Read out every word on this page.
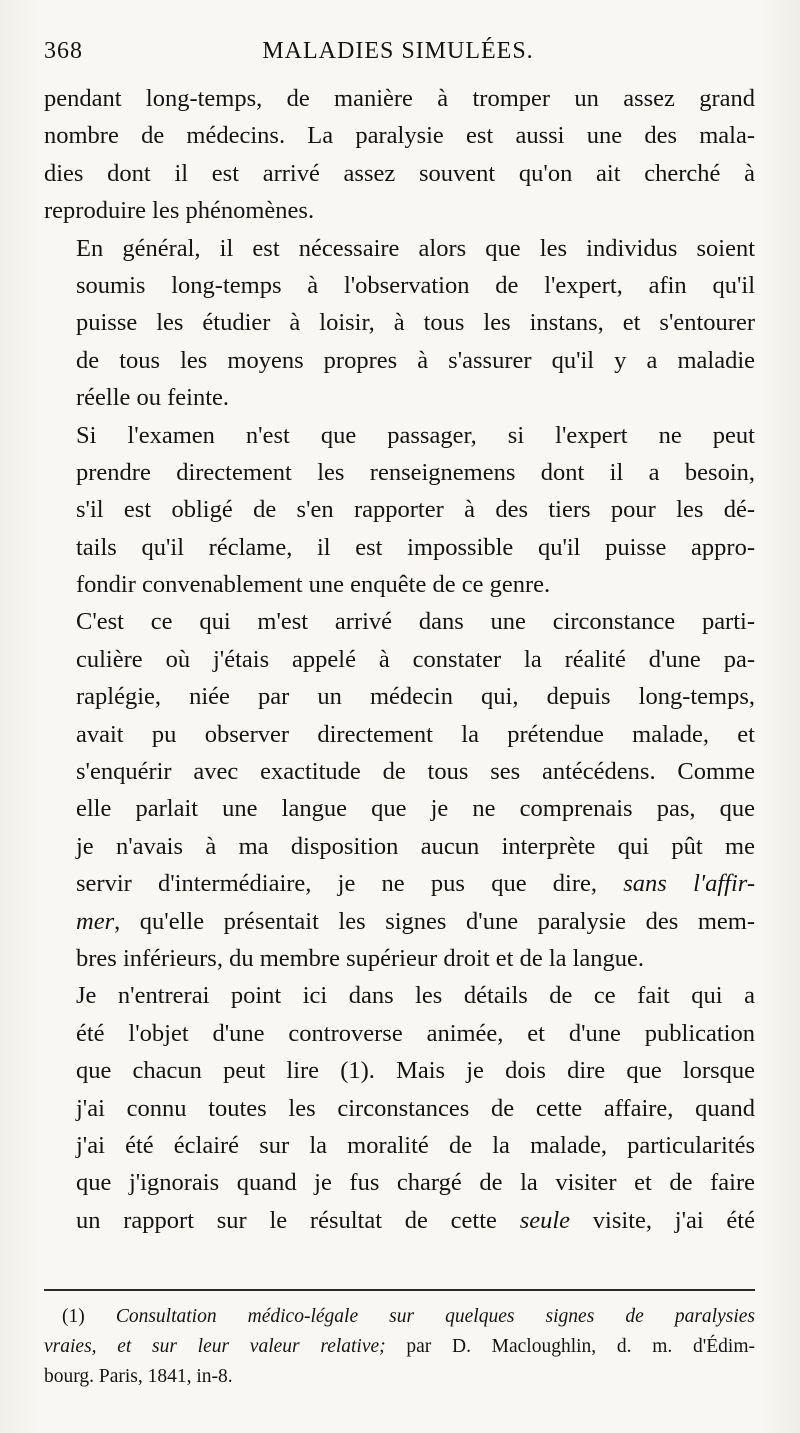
368	MALADIES SIMULÉES.

pendant long-temps, de manière à tromper un assez grand
nombre de médecins. La paralysie est aussi une des mala-
dies dont il est arrivé assez souvent qu'on ait cherché à
reproduire les phénomènes.

En général, il est nécessaire alors que les individus soient
soumis long-temps à l'observation de l'expert, afin qu'il
puisse les étudier à loisir, à tous les instans, et s'entourer
de tous les moyens propres à s'assurer qu'il y a maladie
réelle ou feinte.

Si l'examen n'est que passager, si l'expert ne peut
prendre directement les renseignemens dont il a besoin,
s'il est obligé de s'en rapporter à des tiers pour les dé-
tails qu'il réclame, il est impossible qu'il puisse appro-
fondir convenablement une enquête de ce genre.

C'est ce qui m'est arrivé dans une circonstance parti-
culière où j'étais appelé à constater la réalité d'une pa-
raplégie, niée par un médecin qui, depuis long-temps,
avait pu observer directement la prétendue malade, et
s'enquérir avec exactitude de tous ses antécédens. Comme
elle parlait une langue que je ne comprenais pas, que
je n'avais à ma disposition aucun interprète qui pût me
servir d'intermédiaire, je ne pus que dire, sans l'affir-
mer, qu'elle présentait les signes d'une paralysie des mem-
bres inférieurs, du membre supérieur droit et de la langue.

Je n'entrerai point ici dans les détails de ce fait qui a
été l'objet d'une controverse animée, et d'une publication
que chacun peut lire (1). Mais je dois dire que lorsque
j'ai connu toutes les circonstances de cette affaire, quand
j'ai été éclairé sur la moralité de la malade, particularités
que j'ignorais quand je fus chargé de la visiter et de faire
un rapport sur le résultat de cette seule visite, j'ai été

(1) Consultation médico-légale sur quelques signes de paralysies
vraies, et sur leur valeur relative; par D. Macloughlin, d. m. d'Édim-
bourg. Paris, 1841, in-8.
